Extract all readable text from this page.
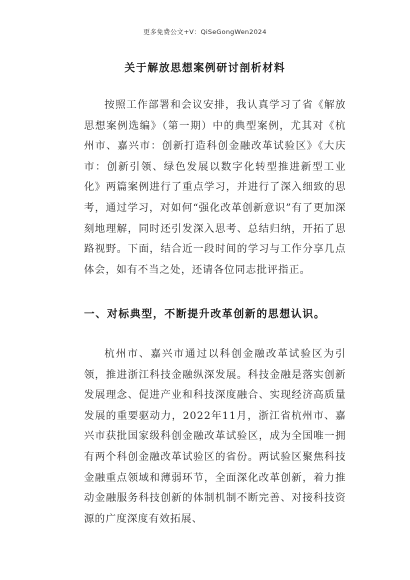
更多免费公文+V：QiSeGongWen2024
关于解放思想案例研讨剖析材料

按照工作部署和会议安排，我认真学习了省《解放思想案例选编》（第一期）中的典型案例，尤其对《杭州市、嘉兴市：创新打造科创金融改革试验区》《大庆市：创新引领、绿色发展以数字化转型推进新型工业化》两篇案例进行了重点学习，并进行了深入细致的思考，通过学习，对如何“强化改革创新意识”有了更加深刻地理解，同时还引发深入思考、总结归纳，开拓了思路视野。下面，结合近一段时间的学习与工作分享几点体会，如有不当之处，还请各位同志批评指正。

一、对标典型，不断提升改革创新的思想认识。

杭州市、嘉兴市通过以科创金融改革试验区为引领，推进浙江科技金融纵深发展。科技金融是落实创新发展理念、促进产业和科技深度融合、实现经济高质量发展的重要驱动力，2022年11月，浙江省杭州市、嘉兴市获批国家级科创金融改革试验区，成为全国唯一拥有两个科创金融改革试验区的省份。两试验区聚焦科技金融重点领域和薄弱环节，全面深化改革创新，着力推动金融服务科技创新的体制机制不断完善、对接科技资源的广度深度有效拓展、
